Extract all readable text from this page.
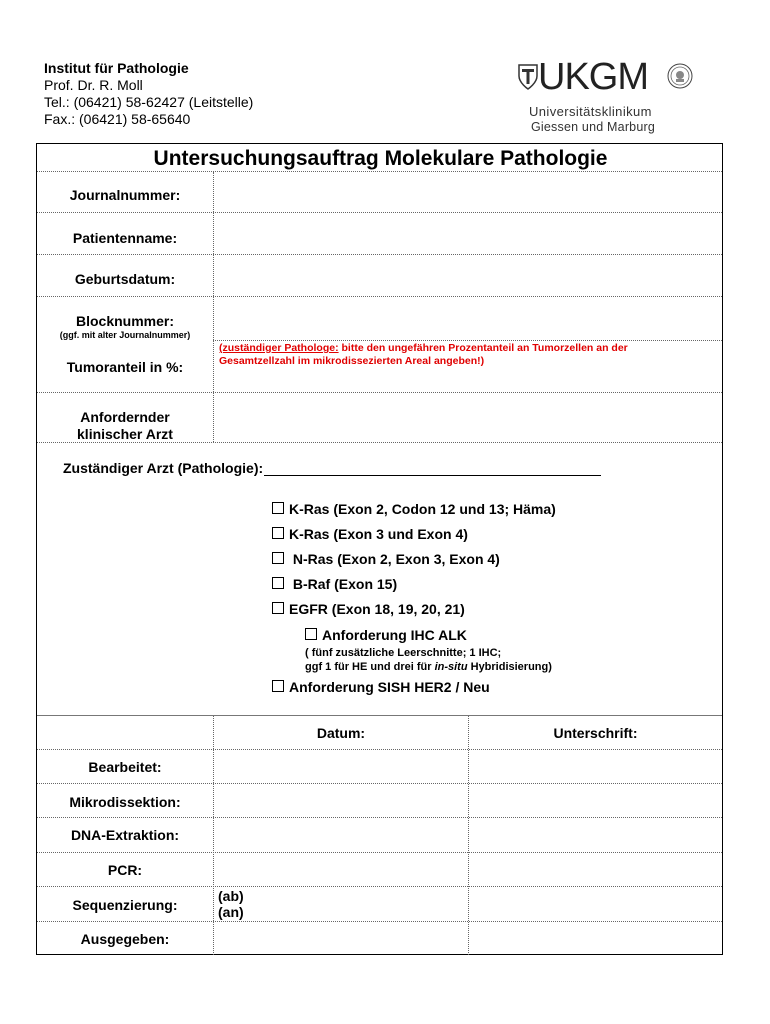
Institut für Pathologie
Prof. Dr. R. Moll
Tel.: (06421) 58-62427 (Leitstelle)
Fax.: (06421) 58-65640
UKGM
Universitätsklinikum
Giessen und Marburg
Untersuchungsauftrag Molekulare Pathologie
Journalnummer:
Patientenname:
Geburtsdatum:
Blocknummer:
(ggf. mit alter Journalnummer)
Tumoranteil in %:
(zuständiger Pathologe: bitte den ungefähren Prozentanteil an Tumorzellen an der Gesamtzellzahl im mikrodissezierten Areal angeben!)
Anfordernder
klinischer Arzt
Zuständiger Arzt (Pathologie):
K-Ras (Exon 2, Codon 12 und 13; Häma)
K-Ras (Exon 3 und Exon 4)
N-Ras (Exon 2, Exon 3, Exon 4)
B-Raf (Exon 15)
EGFR (Exon 18, 19, 20, 21)
Anforderung IHC ALK
( fünf zusätzliche Leerschnitte; 1 IHC;
ggf 1 für HE und drei für in-situ Hybridisierung)
Anforderung SISH HER2 / Neu
Datum:	Unterschrift:
Bearbeitet:
Mikrodissektion:
DNA-Extraktion:
PCR:
Sequenzierung:
Ausgegeben:
(ab)
(an)
